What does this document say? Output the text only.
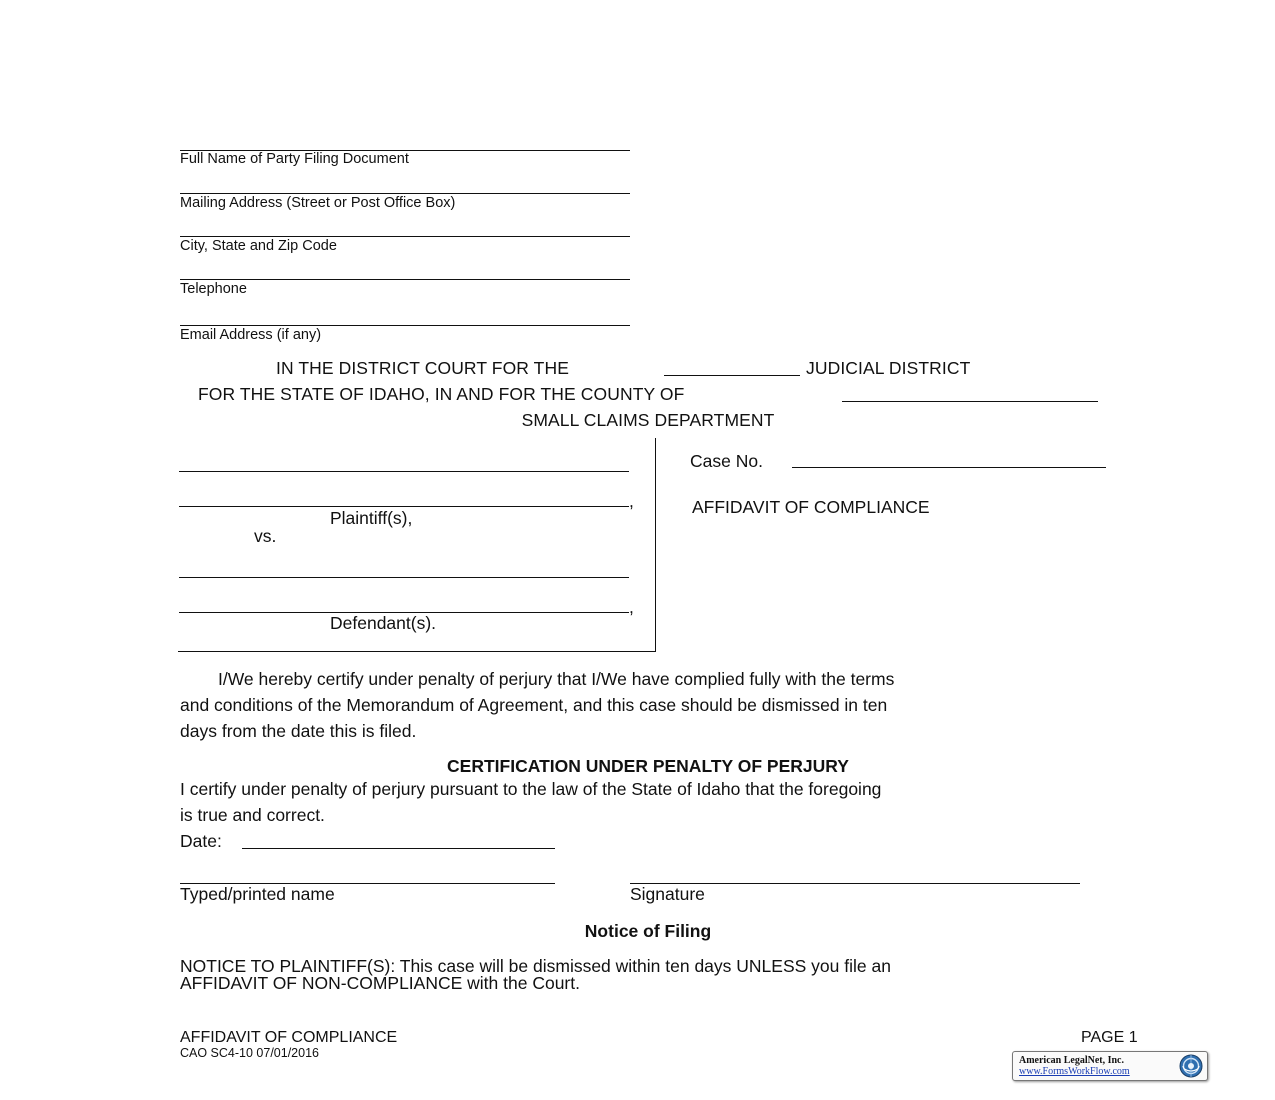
Full Name of Party Filing Document
Mailing Address (Street or Post Office Box)
City, State and Zip Code
Telephone
Email Address (if any)
IN THE DISTRICT COURT FOR THE	JUDICIAL DISTRICT
FOR THE STATE OF IDAHO, IN AND FOR THE COUNTY OF
SMALL CLAIMS DEPARTMENT
,
Plaintiff(s),
vs.
,
Defendant(s).
Case No.
AFFIDAVIT OF COMPLIANCE
I/We hereby certify under penalty of perjury that I/We have complied fully with the terms
and conditions of the Memorandum of Agreement, and this case should be dismissed in ten
days from the date this is filed.
CERTIFICATION UNDER PENALTY OF PERJURY
I certify under penalty of perjury pursuant to the law of the State of Idaho that the foregoing
is true and correct.
Date:
Typed/printed name	Signature
Notice of Filing
NOTICE TO PLAINTIFF(S): This case will be dismissed within ten days UNLESS you file an
AFFIDAVIT OF NON-COMPLIANCE with the Court.
AFFIDAVIT OF COMPLIANCE
CAO SC4-10 07/01/2016
PAGE 1
American LegalNet, Inc.
www.FormsWorkFlow.com
